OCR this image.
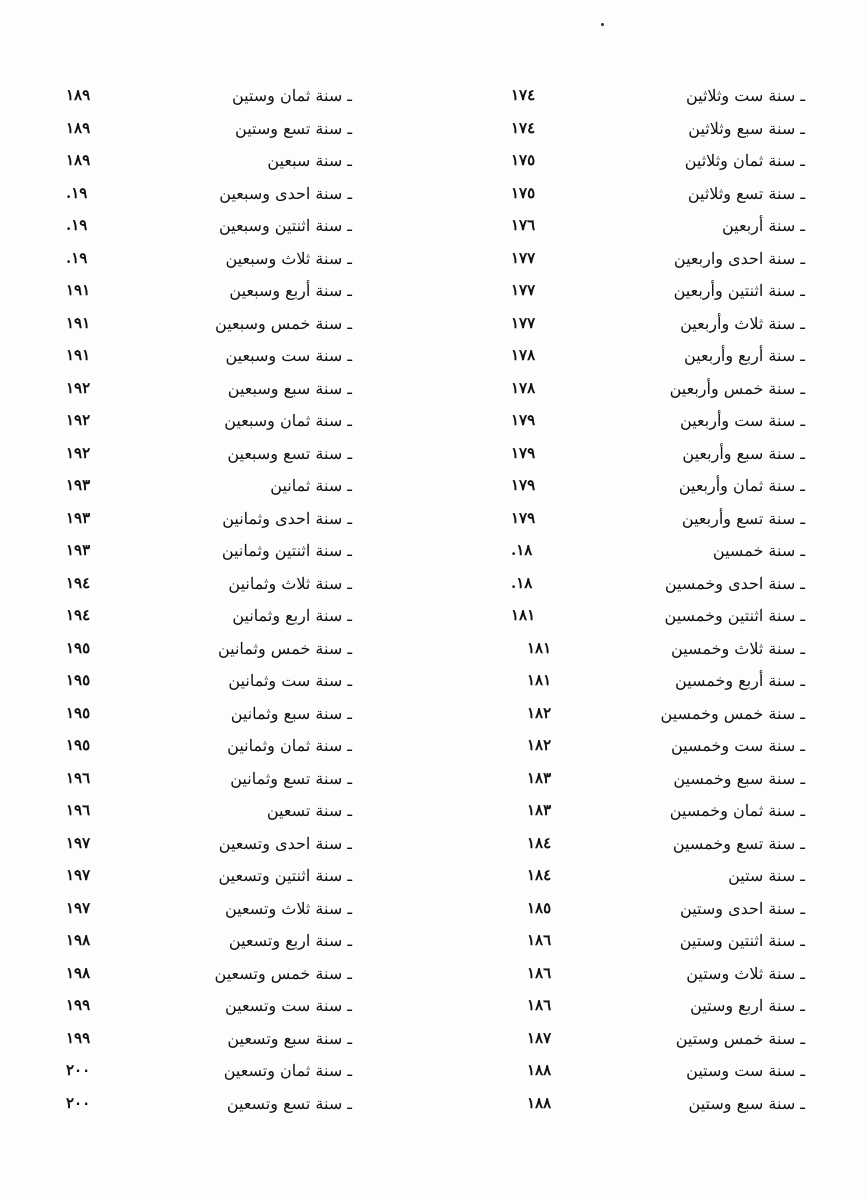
ـ سنة ست وثلاثين
١٧٤
ـ سنة سبع وثلاثين
١٧٤
ـ سنة ثمان وثلاثين
١٧٥
ـ سنة تسع وثلاثين
١٧٥
ـ سنة أربعين
١٧٦
ـ سنة احدى واربعين
١٧٧
ـ سنة اثنتين وأربعين
١٧٧
ـ سنة ثلاث وأربعين
١٧٧
ـ سنة أربع وأربعين
١٧٨
ـ سنة خمس وأربعين
١٧٨
ـ سنة ست وأربعين
١٧٩
ـ سنة سبع وأربعين
١٧٩
ـ سنة ثمان وأربعين
١٧٩
ـ سنة تسع وأربعين
١٧٩
ـ سنة خمسين
١٨.
ـ سنة احدى وخمسين
١٨.
ـ سنة اثنتين وخمسين
١٨١
ـ سنة ثلاث وخمسين
١٨١
ـ سنة أربع وخمسين
١٨١
ـ سنة خمس وخمسين
١٨٢
ـ سنة ست وخمسين
١٨٢
ـ سنة سبع وخمسين
١٨٣
ـ سنة ثمان وخمسين
١٨٣
ـ سنة تسع وخمسين
١٨٤
ـ سنة ستين
١٨٤
ـ سنة احدى وستين
١٨٥
ـ سنة اثنتين وستين
١٨٦
ـ سنة ثلاث وستين
١٨٦
ـ سنة اربع وستين
١٨٦
ـ سنة خمس وستين
١٨٧
ـ سنة ست وستين
١٨٨
ـ سنة سبع وستين
١٨٨
ـ سنة ثمان وستين
١٨٩
ـ سنة تسع وستين
١٨٩
ـ سنة سبعين
١٨٩
ـ سنة احدى وسبعين
١٩.
ـ سنة اثنتين وسبعين
١٩.
ـ سنة ثلاث وسبعين
١٩.
ـ سنة أربع وسبعين
١٩١
ـ سنة خمس وسبعين
١٩١
ـ سنة ست وسبعين
١٩١
ـ سنة سبع وسبعين
١٩٢
ـ سنة ثمان وسبعين
١٩٢
ـ سنة تسع وسبعين
١٩٢
ـ سنة ثمانين
١٩٣
ـ سنة احدى وثمانين
١٩٣
ـ سنة اثنتين وثمانين
١٩٣
ـ سنة ثلاث وثمانين
١٩٤
ـ سنة اربع وثمانين
١٩٤
ـ سنة خمس وثمانين
١٩٥
ـ سنة ست وثمانين
١٩٥
ـ سنة سبع وثمانين
١٩٥
ـ سنة ثمان وثمانين
١٩٥
ـ سنة تسع وثمانين
١٩٦
ـ سنة تسعين
١٩٦
ـ سنة احدى وتسعين
١٩٧
ـ سنة اثنتين وتسعين
١٩٧
ـ سنة ثلاث وتسعين
١٩٧
ـ سنة اربع وتسعين
١٩٨
ـ سنة خمس وتسعين
١٩٨
ـ سنة ست وتسعين
١٩٩
ـ سنة سبع وتسعين
١٩٩
ـ سنة ثمان وتسعين
٢٠٠
ـ سنة تسع وتسعين
٢٠٠
